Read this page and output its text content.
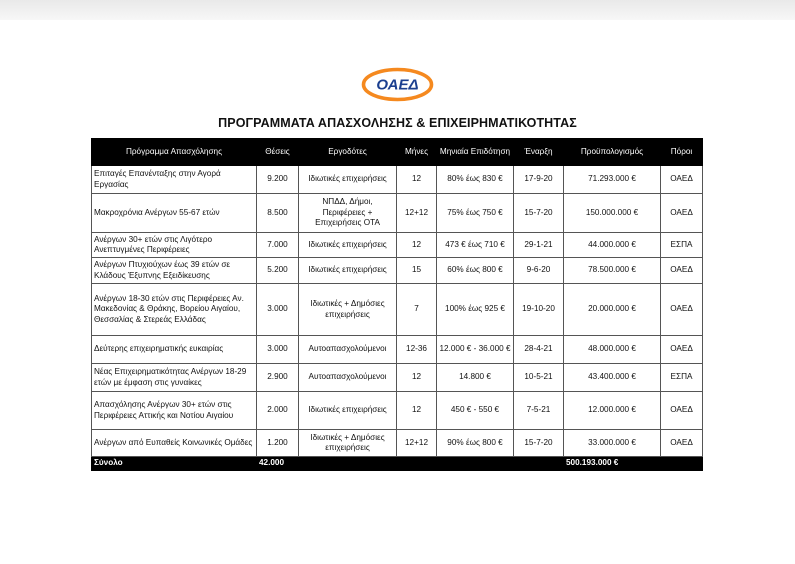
ΟΑΕΔ
ΠΡΟΓΡΑΜΜΑΤΑ ΑΠΑΣΧΟΛΗΣΗΣ & ΕΠΙΧΕΙΡΗΜΑΤΙΚΟΤΗΤΑΣ
Πρόγραμμα Απασχόλησης	Θέσεις	Εργοδότες	Μήνες	Μηνιαία Επιδότηση	Έναρξη	Προϋπολογισμός	Πόροι
Επιταγές Επανένταξης στην Αγορά Εργασίας	9.200	Ιδιωτικές επιχειρήσεις	12	80% έως 830 €	17-9-20	71.293.000 €	ΟΑΕΔ
Μακροχρόνια Ανέργων 55-67 ετών	8.500	ΝΠΔΔ, Δήμοι, Περιφέρειες + Επιχειρήσεις ΟΤΑ	12+12	75% έως 750 €	15-7-20	150.000.000 €	ΟΑΕΔ
Ανέργων 30+ ετών στις Λιγότερο Ανεπτυγμένες Περιφέρειες	7.000	Ιδιωτικές επιχειρήσεις	12	473 € έως 710 €	29-1-21	44.000.000 €	ΕΣΠΑ
Ανέργων Πτυχιούχων έως 39 ετών σε Κλάδους Έξυπνης Εξειδίκευσης	5.200	Ιδιωτικές επιχειρήσεις	15	60% έως 800 €	9-6-20	78.500.000 €	ΟΑΕΔ
Ανέργων 18-30 ετών στις Περιφέρειες Αν. Μακεδονίας & Θράκης, Βορείου Αιγαίου, Θεσσαλίας & Στερεάς Ελλάδας	3.000	Ιδιωτικές + Δημόσιες επιχειρήσεις	7	100% έως 925 €	19-10-20	20.000.000 €	ΟΑΕΔ
Δεύτερης επιχειρηματικής ευκαιρίας	3.000	Αυτοαπασχολούμενοι	12-36	12.000 € - 36.000 €	28-4-21	48.000.000 €	ΟΑΕΔ
Νέας Επιχειρηματικότητας Ανέργων 18-29 ετών με έμφαση στις γυναίκες	2.900	Αυτοαπασχολούμενοι	12	14.800 €	10-5-21	43.400.000 €	ΕΣΠΑ
Απασχόλησης Ανέργων 30+ ετών στις Περιφέρειες Αττικής και Νοτίου Αιγαίου	2.000	Ιδιωτικές επιχειρήσεις	12	450 € - 550 €	7-5-21	12.000.000 €	ΟΑΕΔ
Ανέργων από Ευπαθείς Κοινωνικές Ομάδες	1.200	Ιδιωτικές + Δημόσιες επιχειρήσεις	12+12	90% έως 800 €	15-7-20	33.000.000 €	ΟΑΕΔ
Σύνολο	42.000					500.193.000 €	
